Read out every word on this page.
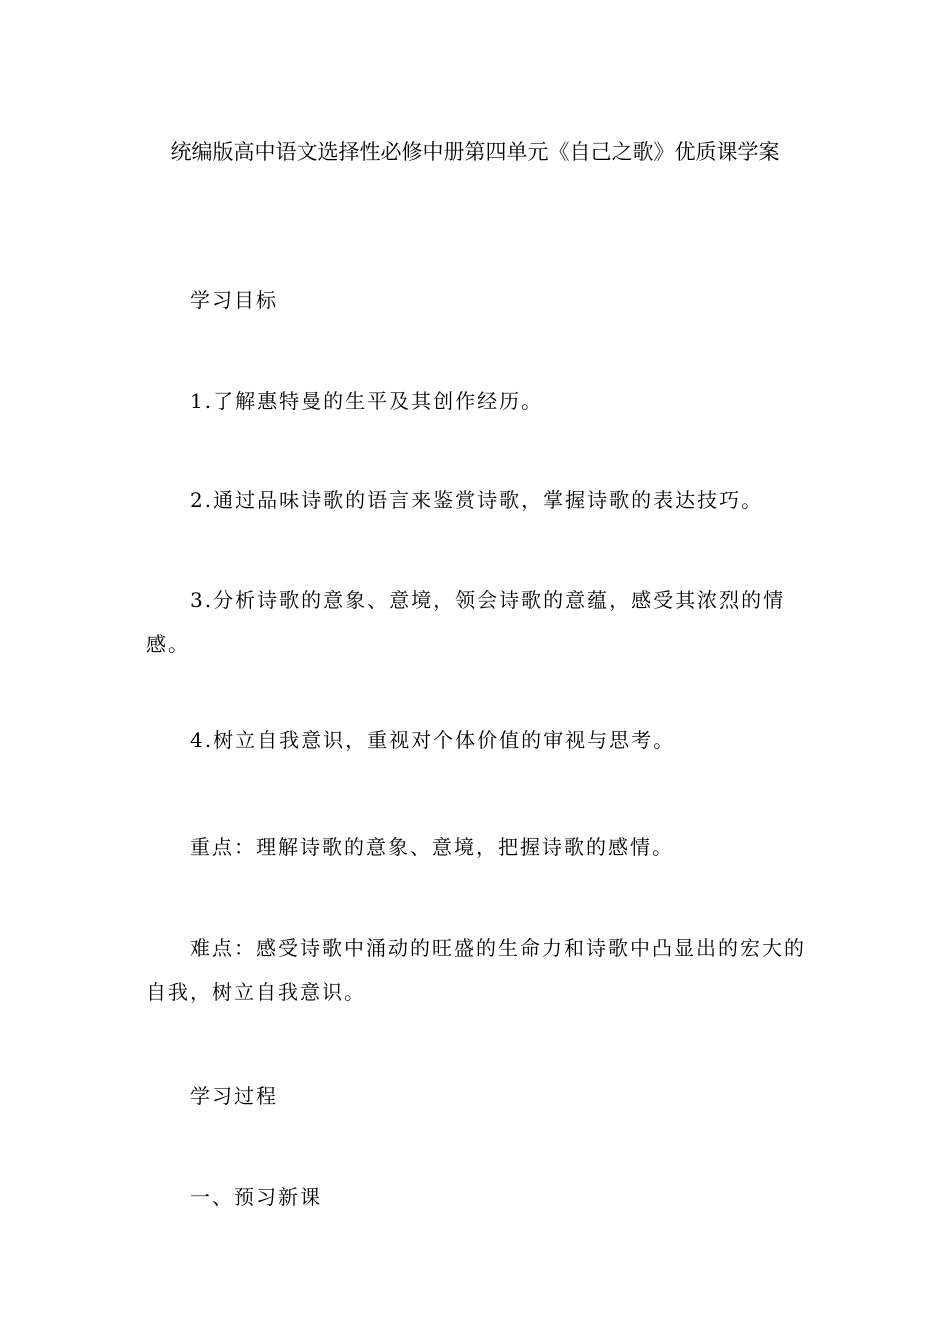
统编版高中语文选择性必修中册第四单元《自己之歌》优质课学案

学习目标

1.了解惠特曼的生平及其创作经历。

2.通过品味诗歌的语言来鉴赏诗歌，掌握诗歌的表达技巧。

3.分析诗歌的意象、意境，领会诗歌的意蕴，感受其浓烈的情感。

4.树立自我意识，重视对个体价值的审视与思考。

重点：理解诗歌的意象、意境，把握诗歌的感情。

难点：感受诗歌中涌动的旺盛的生命力和诗歌中凸显出的宏大的自我，树立自我意识。

学习过程

一、预习新课
